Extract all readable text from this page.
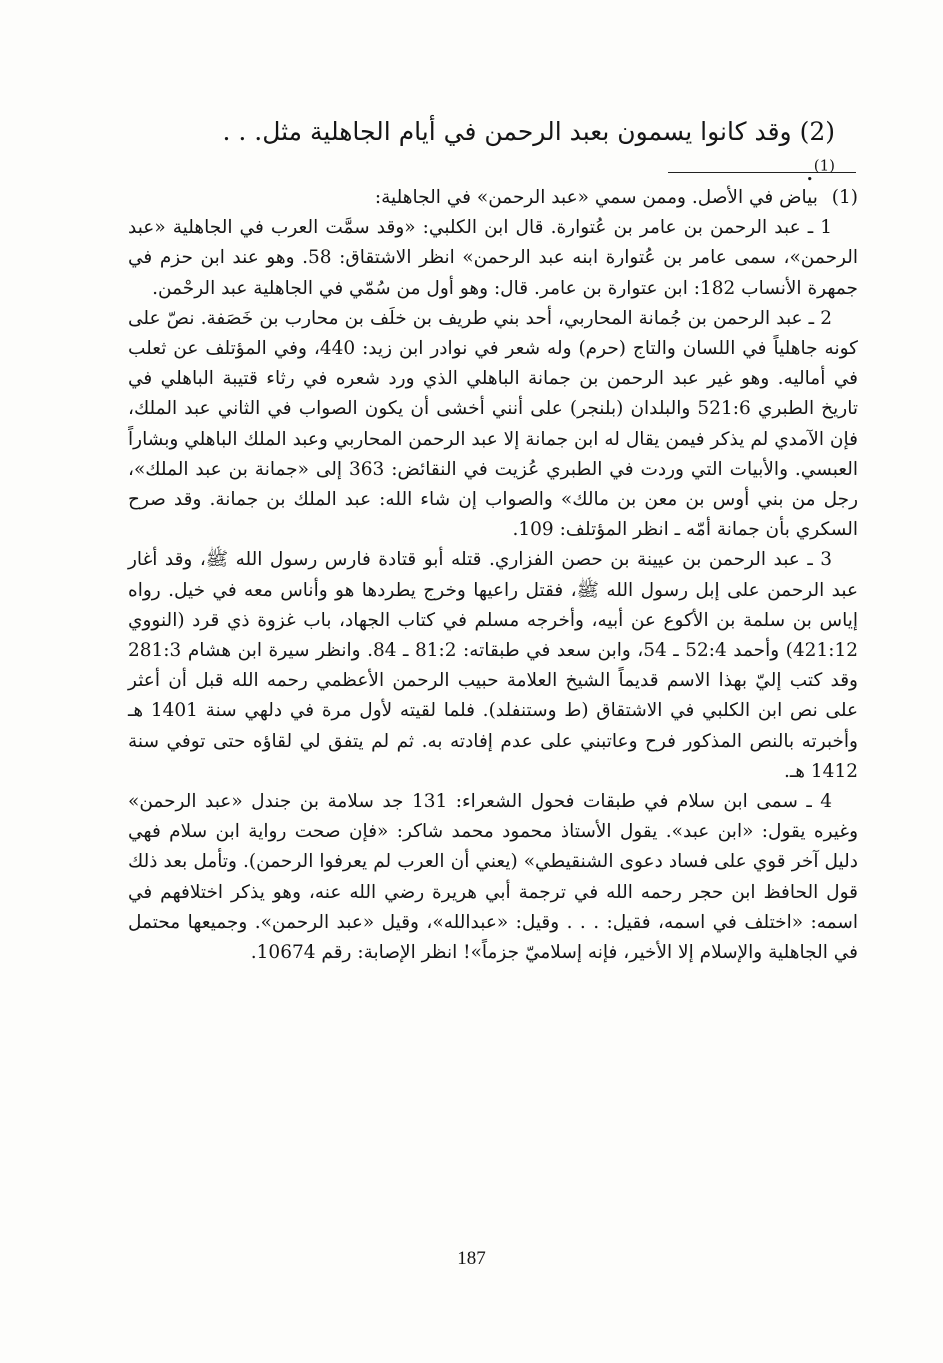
(2) وقد كانوا يسمون بعبد الرحمن في أيام الجاهلية مثل. . . $^{(1)}$.
(1) بياض في الأصل. وممن سمي «عبد الرحمن» في الجاهلية:
1 ـ عبد الرحمن بن عامر بن عُتوارة. قال ابن الكلبي: «وقد سمَّت العرب في الجاهلية «عبد الرحمن»، سمى عامر بن عُتوارة ابنه عبد الرحمن» انظر الاشتقاق: 58. وهو عند ابن حزم في جمهرة الأنساب 182: ابن عتوارة بن عامر. قال: وهو أول من سُمّي في الجاهلية عبد الرحْمن.
2 ـ عبد الرحمن بن جُمانة المحاربي، أحد بني طريف بن خلَف بن محارب بن خَصَفة. نصّ على كونه جاهلياً في اللسان والتاج (حرم) وله شعر في نوادر ابن زيد: 440، وفي المؤتلف عن ثعلب في أماليه. وهو غير عبد الرحمن بن جمانة الباهلي الذي ورد شعره في رثاء قتيبة الباهلي في تاريخ الطبري 521:6 والبلدان (بلنجر) على أنني أخشى أن يكون الصواب في الثاني عبد الملك، فإن الآمدي لم يذكر فيمن يقال له ابن جمانة إلا عبد الرحمن المحاربي وعبد الملك الباهلي وبشاراً العبسي. والأبيات التي وردت في الطبري عُزيت في النقائض: 363 إلى «جمانة بن عبد الملك»، رجل من بني أوس بن معن بن مالك» والصواب إن شاء الله: عبد الملك بن جمانة. وقد صرح السكري بأن جمانة أمّه ـ انظر المؤتلف: 109.
3 ـ عبد الرحمن بن عيينة بن حصن الفزاري. قتله أبو قتادة فارس رسول الله ﷺ، وقد أغار عبد الرحمن على إبل رسول الله ﷺ، فقتل راعيها وخرج يطردها هو وأناس معه في خيل. رواه إياس بن سلمة بن الأكوع عن أبيه، وأخرجه مسلم في كتاب الجهاد، باب غزوة ذي قرد (النووي 421:12) وأحمد 52:4 ـ 54، وابن سعد في طبقاته: 81:2 ـ 84. وانظر سيرة ابن هشام 281:3 وقد كتب إليّ بهذا الاسم قديماً الشيخ العلامة حبيب الرحمن الأعظمي رحمه الله قبل أن أعثر على نص ابن الكلبي في الاشتقاق (ط وستنفلد). فلما لقيته لأول مرة في دلهي سنة 1401 هـ وأخبرته بالنص المذكور فرح وعاتبني على عدم إفادته به. ثم لم يتفق لي لقاؤه حتى توفي سنة 1412 هـ.
4 ـ سمى ابن سلام في طبقات فحول الشعراء: 131 جد سلامة بن جندل «عبد الرحمن» وغيره يقول: «ابن عبد». يقول الأستاذ محمود محمد شاكر: «فإن صحت رواية ابن سلام فهي دليل آخر قوي على فساد دعوى الشنقيطي» (يعني أن العرب لم يعرفوا الرحمن). وتأمل بعد ذلك قول الحافظ ابن حجر رحمه الله في ترجمة أبي هريرة رضي الله عنه، وهو يذكر اختلافهم في اسمه: «اختلف في اسمه، فقيل: . . . وقيل: «عبدالله»، وقيل «عبد الرحمن». وجميعها محتمل في الجاهلية والإسلام إلا الأخير، فإنه إسلاميّ جزماً»! انظر الإصابة: رقم 10674.
187
